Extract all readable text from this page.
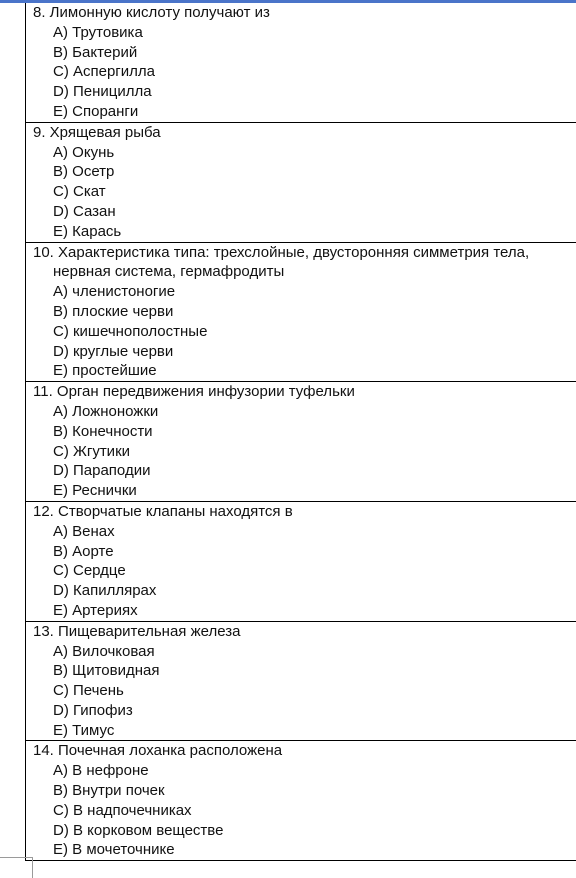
8. Лимонную кислоту получают из
A) Трутовика
B) Бактерий
C) Аспергилла
D) Пеницилла
E) Споранги
9. Хрящевая рыба
A) Окунь
B) Осетр
C) Скат
D) Сазан
E) Карась
10. Характеристика типа: трехслойные, двусторонняя симметрия тела,
нервная система, гермафродиты
A) членистоногие
B) плоские черви
C) кишечнополостные
D) круглые черви
E) простейшие
11. Орган передвижения инфузории туфельки
A) Ложноножки
B) Конечности
C) Жгутики
D) Параподии
E) Реснички
12. Створчатые клапаны находятся в
A) Венах
B) Аорте
C) Сердце
D) Капиллярах
E) Артериях
13. Пищеварительная железа
A) Вилочковая
B) Щитовидная
C) Печень
D) Гипофиз
E) Тимус
14. Почечная лоханка расположена
A) В нефроне
B) Внутри почек
C) В надпочечниках
D) В корковом веществе
E) В мочеточнике
